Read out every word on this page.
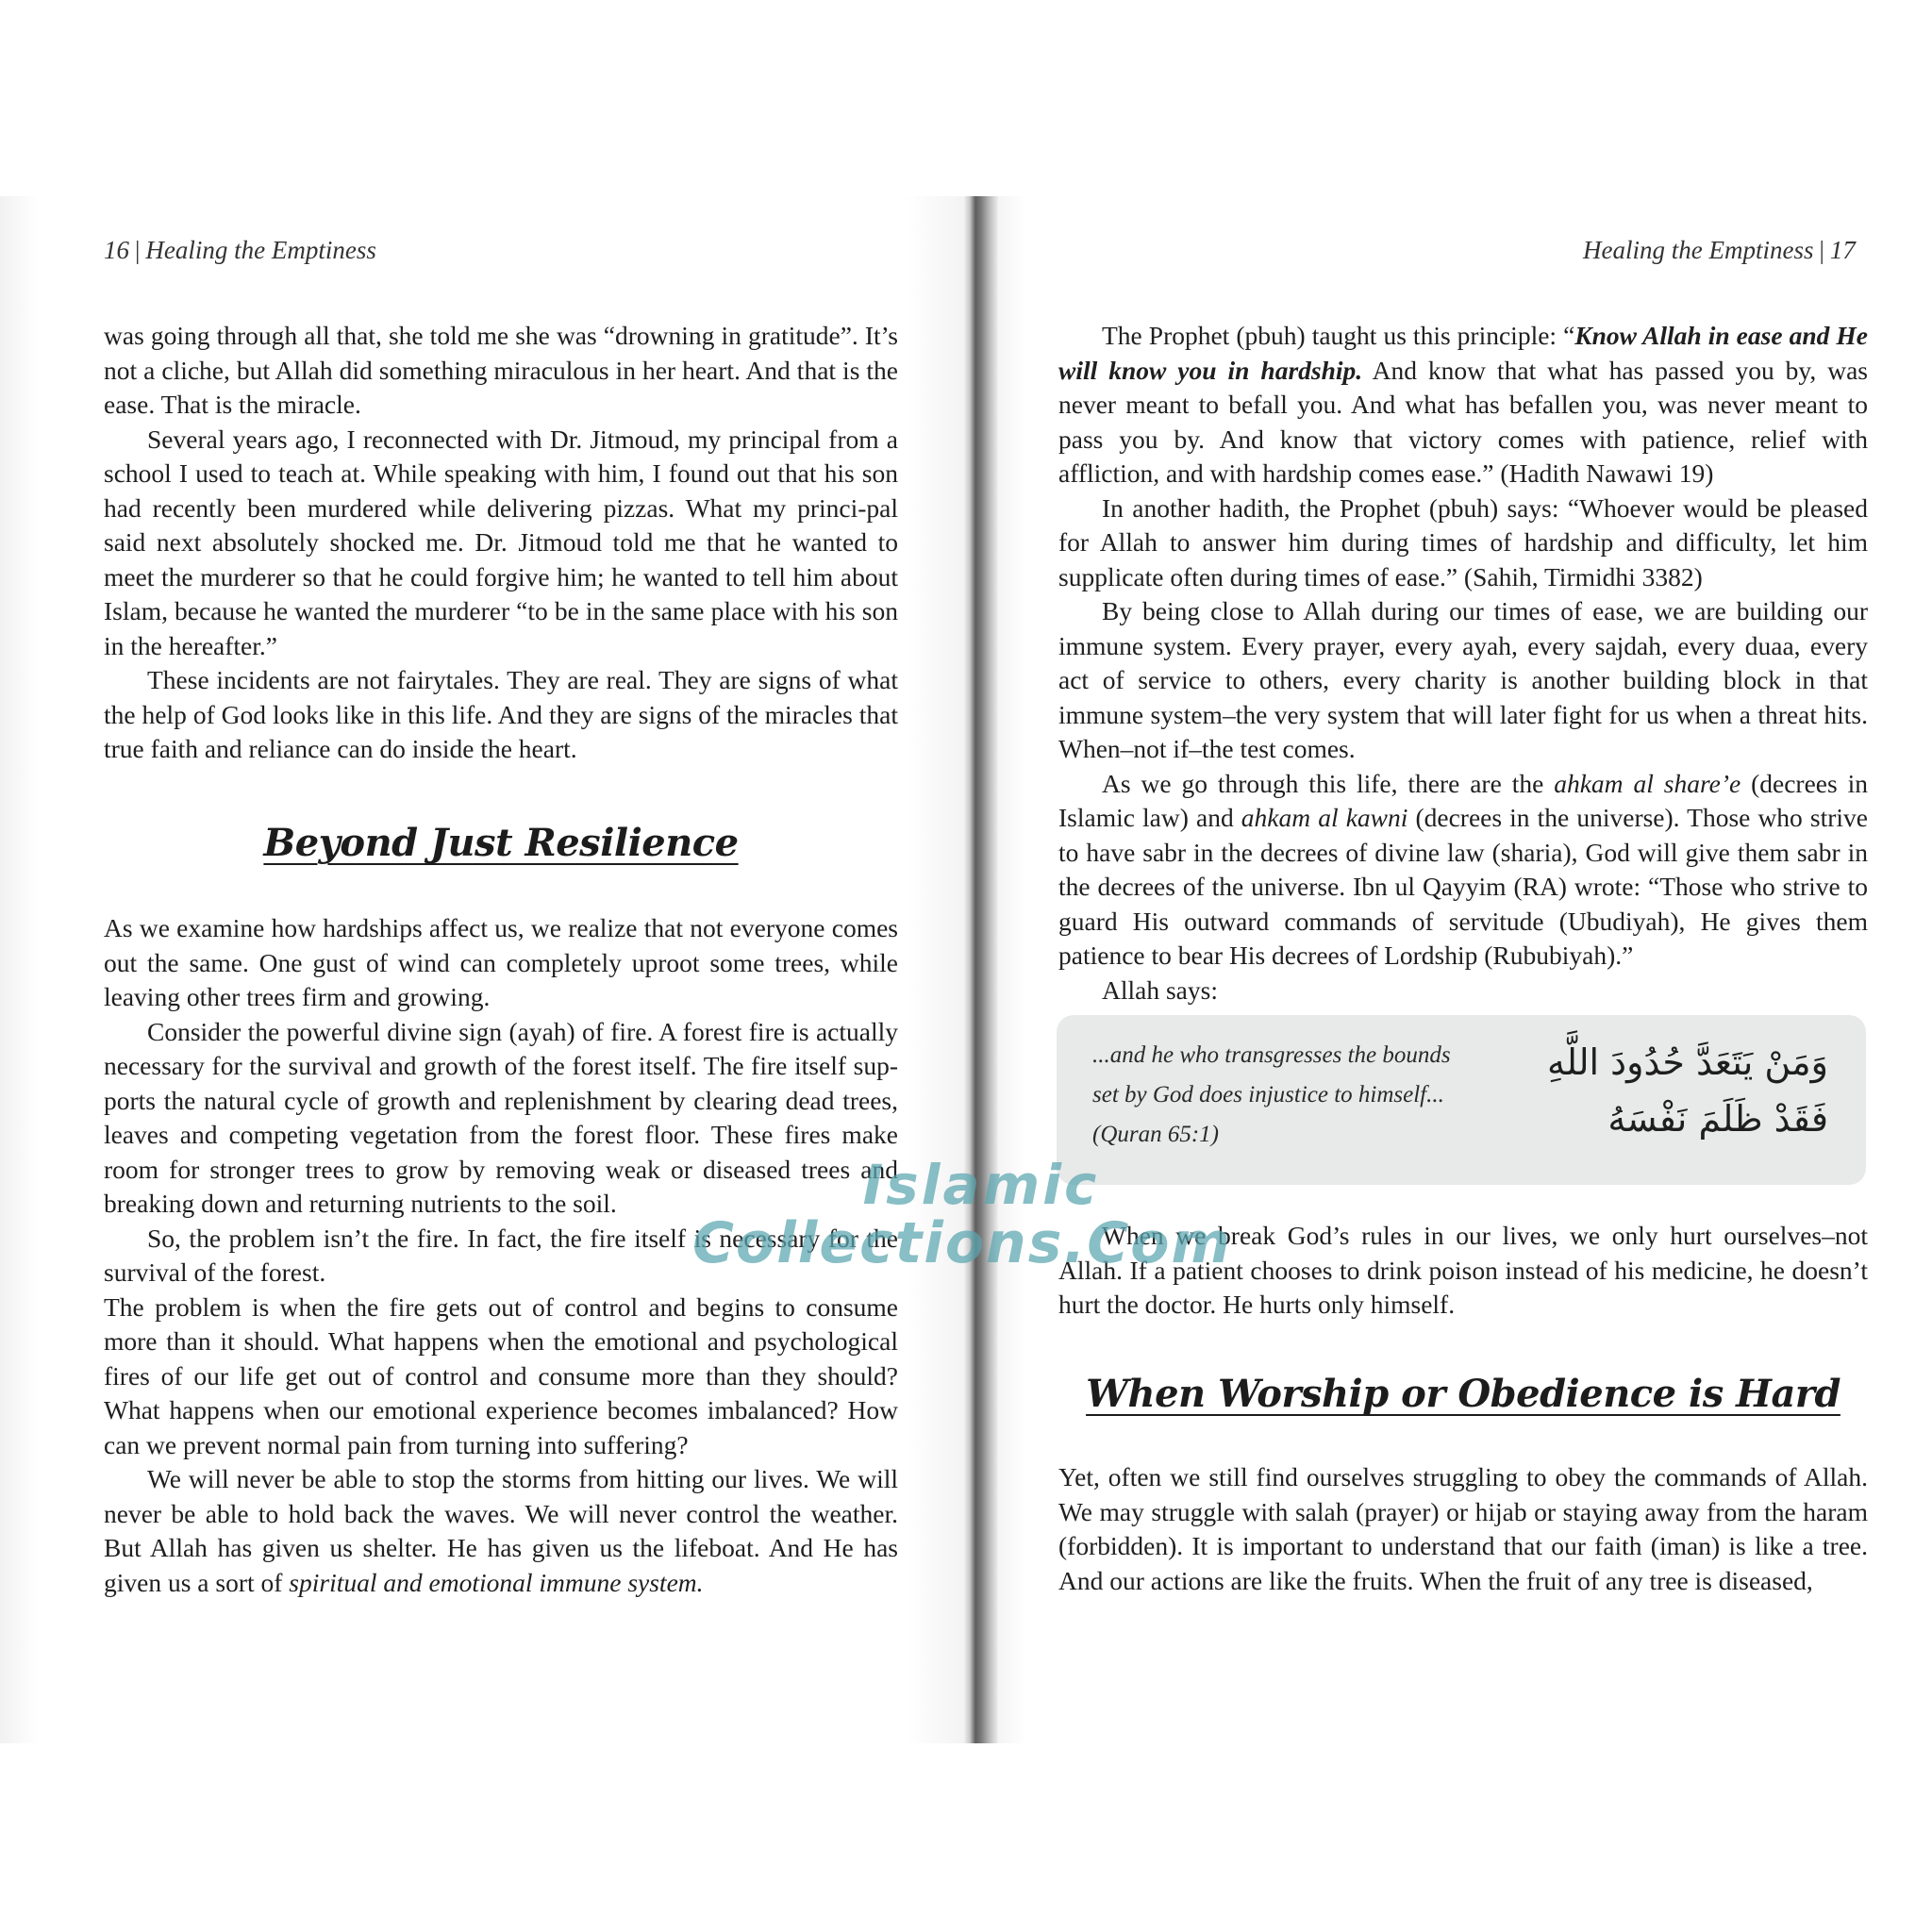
16 | Healing the Emptiness

was going through all that, she told me she was “drowning in gratitude”. It’s not a cliche, but Allah did something miraculous in her heart. And that is the ease. That is the miracle.

Several years ago, I reconnected with Dr. Jitmoud, my principal from a school I used to teach at. While speaking with him, I found out that his son had recently been murdered while delivering pizzas. What my princi-pal said next absolutely shocked me. Dr. Jitmoud told me that he wanted to meet the murderer so that he could forgive him; he wanted to tell him about Islam, because he wanted the murderer “to be in the same place with his son in the hereafter.”

These incidents are not fairytales. They are real. They are signs of what the help of God looks like in this life. And they are signs of the miracles that true faith and reliance can do inside the heart.

Beyond Just Resilience

As we examine how hardships affect us, we realize that not everyone comes out the same. One gust of wind can completely uproot some trees, while leaving other trees firm and growing.

Consider the powerful divine sign (ayah) of fire. A forest fire is actually necessary for the survival and growth of the forest itself. The fire itself sup-ports the natural cycle of growth and replenishment by clearing dead trees, leaves and competing vegetation from the forest floor. These fires make room for stronger trees to grow by removing weak or diseased trees and breaking down and returning nutrients to the soil.

So, the problem isn’t the fire. In fact, the fire itself is necessary for the survival of the forest.

The problem is when the fire gets out of control and begins to consume more than it should. What happens when the emotional and psychological fires of our life get out of control and consume more than they should? What happens when our emotional experience becomes imbalanced? How can we prevent normal pain from turning into suffering?

We will never be able to stop the storms from hitting our lives. We will never be able to hold back the waves. We will never control the weather. But Allah has given us shelter. He has given us the lifeboat. And He has given us a sort of spiritual and emotional immune system.

Healing the Emptiness | 17

The Prophet (pbuh) taught us this principle: “Know Allah in ease and He will know you in hardship. And know that what has passed you by, was never meant to befall you. And what has befallen you, was never meant to pass you by. And know that victory comes with patience, relief with affliction, and with hardship comes ease.” (Hadith Nawawi 19)

In another hadith, the Prophet (pbuh) says: “Whoever would be pleased for Allah to answer him during times of hardship and difficulty, let him supplicate often during times of ease.” (Sahih, Tirmidhi 3382)

By being close to Allah during our times of ease, we are building our immune system. Every prayer, every ayah, every sajdah, every duaa, every act of service to others, every charity is another building block in that immune system–the very system that will later fight for us when a threat hits. When–not if–the test comes.

As we go through this life, there are the ahkam al share’e (decrees in Islamic law) and ahkam al kawni (decrees in the universe). Those who strive to have sabr in the decrees of divine law (sharia), God will give them sabr in the decrees of the universe. Ibn ul Qayyim (RA) wrote: “Those who strive to guard His outward commands of servitude (Ubudiyah), He gives them patience to bear His decrees of Lordship (Rububiyah).”

Allah says:

...and he who transgresses the bounds set by God does injustice to himself... (Quran 65:1)
وَمَنْ يَتَعَدَّ حُدُودَ اللَّهِ
فَقَدْ ظَلَمَ نَفْسَهُ

When we break God’s rules in our lives, we only hurt ourselves–not Allah. If a patient chooses to drink poison instead of his medicine, he doesn’t hurt the doctor. He hurts only himself.

When Worship or Obedience is Hard

Yet, often we still find ourselves struggling to obey the commands of Allah. We may struggle with salah (prayer) or hijab or staying away from the haram (forbidden). It is important to understand that our faith (iman) is like a tree. And our actions are like the fruits. When the fruit of any tree is diseased,

Islamic
Collections.Com
